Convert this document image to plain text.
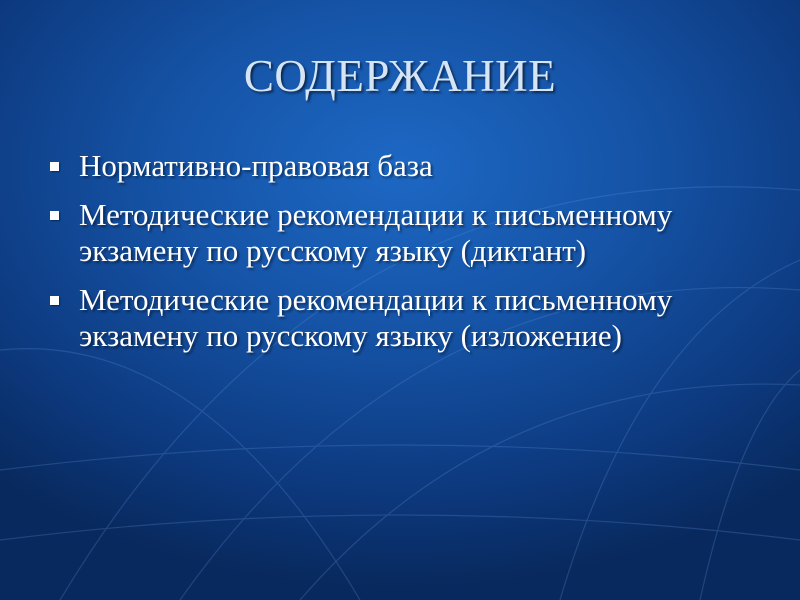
СОДЕРЖАНИЕ
Нормативно-правовая база
Методические рекомендации к письменному экзамену по русскому языку (диктант)
Методические рекомендации к письменному экзамену по русскому языку (изложение)
